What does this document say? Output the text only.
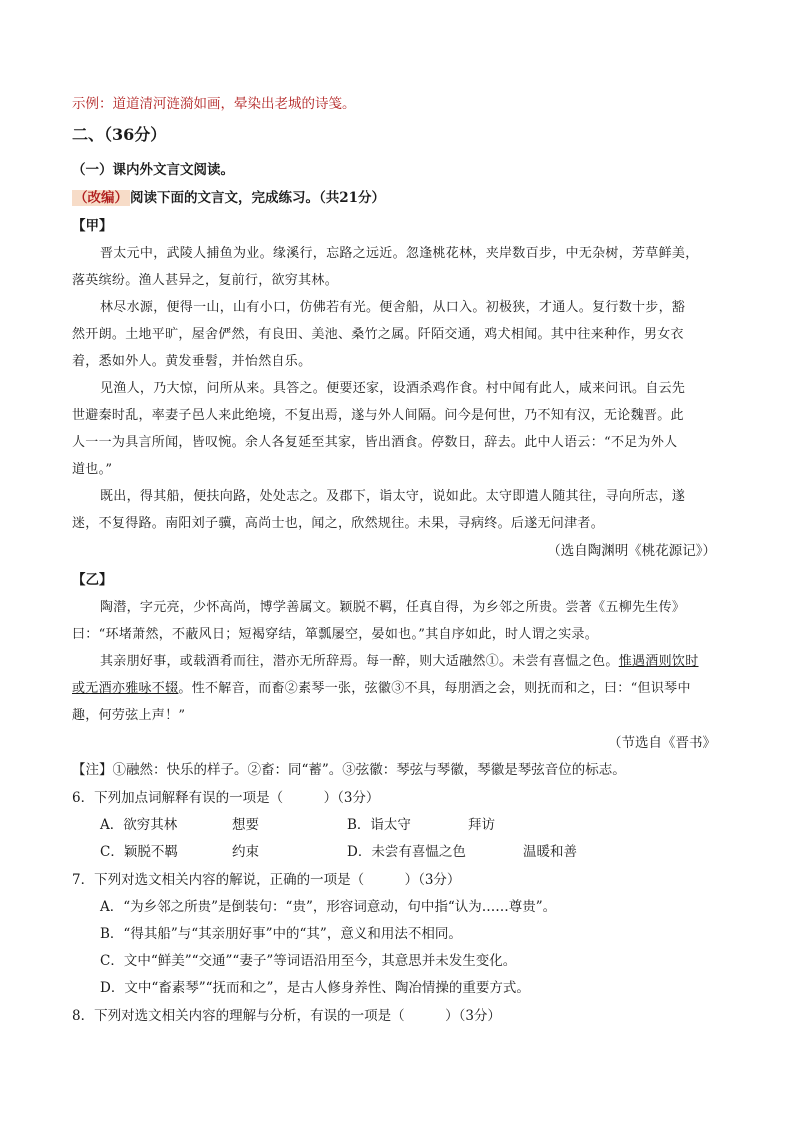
示例：道道清河涟漪如画，晕染出老城的诗笺。
二、（36分）
（一）课内外文言文阅读。
（改编） 阅读下面的文言文，完成练习。（共21分）
【甲】
晋太元中，武陵人捕鱼为业。缘溪行，忘路之远近。忽逢桃花林，夹岸数百步，中无杂树，芳草鲜美，
落英缤纷。渔人甚异之，复前行，欲穷其林。
林尽水源，便得一山，山有小口，仿佛若有光。便舍船，从口入。初极狭，才通人。复行数十步，豁
然开朗。土地平旷，屋舍俨然，有良田、美池、桑竹之属。阡陌交通，鸡犬相闻。其中往来种作，男女衣
着，悉如外人。黄发垂髫，并怡然自乐。
见渔人，乃大惊，问所从来。具答之。便要还家，设酒杀鸡作食。村中闻有此人，咸来问讯。自云先
世避秦时乱，率妻子邑人来此绝境，不复出焉，遂与外人间隔。问今是何世，乃不知有汉，无论魏晋。此
人一一为具言所闻，皆叹惋。余人各复延至其家，皆出酒食。停数日，辞去。此中人语云：“不足为外人
道也。”
既出，得其船，便扶向路，处处志之。及郡下，诣太守，说如此。太守即遣人随其往，寻向所志，遂
迷，不复得路。南阳刘子骥，高尚士也，闻之，欣然规往。未果，寻病终。后遂无问津者。
（选自陶渊明《桃花源记》）
【乙】
陶潜，字元亮，少怀高尚，博学善属文。颖脱不羁，任真自得，为乡邻之所贵。尝著《五柳先生传》
曰：“环堵萧然，不蔽风日；短褐穿结，箪瓢屡空，晏如也。”其自序如此，时人谓之实录。
其亲朋好事，或载酒肴而往，潜亦无所辞焉。每一醉，则大适融然①。未尝有喜愠之色。惟遇酒则饮时
或无酒亦雅咏不辍。性不解音，而畜②素琴一张，弦徽③不具，每朋酒之会，则抚而和之，曰：“但识琴中
趣，何劳弦上声！”
（节选自《晋书》
【注】①融然：快乐的样子。②畜：同“蓄”。③弦徽：琴弦与琴徽，琴徽是琴弦音位的标志。
6．下列加点词解释有误的一项是（　　　）（3分）
A．欲穷其林	想要	B．诣太守	拜访
C．颖脱不羁	约束	D．未尝有喜愠之色	温暖和善
7．下列对选文相关内容的解说，正确的一项是（　　　）（3分）
A．“为乡邻之所贵”是倒装句：“贵”，形容词意动，句中指“认为……尊贵”。
B．“得其船”与“其亲朋好事”中的“其”，意义和用法不相同。
C．文中“鲜美”“交通”“妻子”等词语沿用至今，其意思并未发生变化。
D．文中“畜素琴”“抚而和之”，是古人修身养性、陶冶情操的重要方式。
8．下列对选文相关内容的理解与分析，有误的一项是（　　　）（3分）
